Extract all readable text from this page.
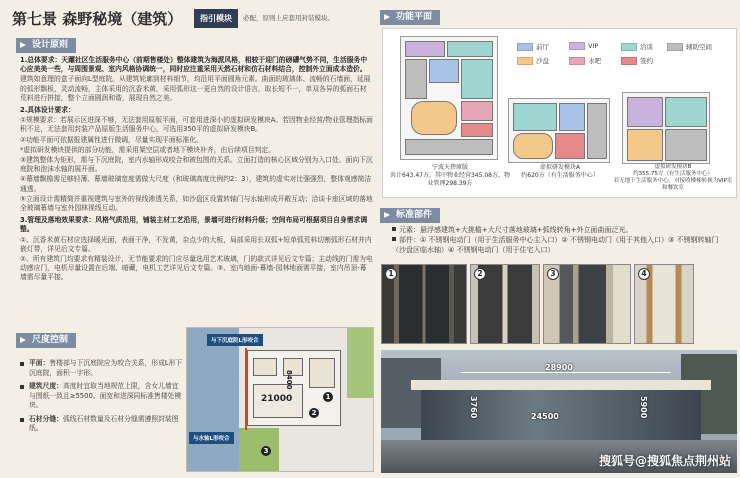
第七景 森野秘境（建筑）	指引模块	必配，原则上应套用封装模块。
设计原则
1.总体要求：天躍社区生活服务中心（前期售楼处）整体建筑为海派风格，相较于迎门的磅礴气势不同，生活服务中心应美美一些，与周围景观、室内风格协调统一，同时应注重采用天然石材和仿石材料结合，控制外立面成本造价。
建筑如意理的盒子面向L型庭院。从建筑轮廓到材料细节，均沿用平面圆角元素。曲面的玻璃体、流畅的石墙面，延展的弧形飘板，灵动流畅，主体采用的沉香米黄，采用弧形这一更自然的设计语言，取长短不一，单双各异的弧面石材荒料进行拼接，整个立面圆润和谐，展现自然之美。
2.具体设计要求：
①规模要求：若展示区进深不够，无法套用原版平面，可套用进深小的虚拟研发模块A。若因物业经营/物业管理指标面积不足，无法套用封装产品原版生活服务中心，可选用350平的虚拟研发模块B。
②功能平面可依据报建属性进行微调，尽量实现平面标准化。
*虚拟研发模块提供的部分功能，需采用架空层或者地下模块补齐，由后续项目判定。
③建筑整体为矩形，需与下沉庭院，室内水轴形成咬合和被包围的关系。立面打造的核心区域分别为入口处、面向下沉庭院和泡沫水轴的展开面。
④幕墙飘檐需足够轻薄、幕墙玻璃宽度需做大尺度（和玻璃高度比例约2：3），建筑的虚实对比强强烈，整体观感简洁通透。
⑤立面设计需精简并重视建筑与室外的视线渗透关系，如沙盘区设置转轴门与水轴形成开敞互动；洽谈卡座区域的落地全玻璃幕墙与室外园林视线互动。
3.管理及落地效果要求：风格气质沿用，铺装主材工艺沿用，景墙可进行材料升级；空间布局可根据项目自身需求调整。
①、沉香米黄石材应选择暖光面，表面干净，不发黄，杂点少的大板，局部采用长双弧+短单弧荒料切割弧形石材并内嵌灯带，详见后文专篇。
②、所有建筑门均要求有精装设计，无节能要求的门应尽量选用艺术玻璃，门的款式详见后文专篇；主动线的门需为电动感应门，电机尽量设置在后端、暗藏，电机工艺详见后文专篇。③、室内地面-幕墙-园林地面需平接，室内吊顶-幕墙需尽量平接。
尺度控制
平面：售楼部与下沉庭院应为咬合关系，形成L形下沉庭院，面积一字形。
建筑尺度：高度时宜取当地规范上限，含女儿墙宜与围纸一致且≥5500。面宽和进深同标准售楼处模块。
石材分缝：弧线石材数量及石材分缝需遵照封装图纸。
与下沉庭院L形咬合
与水轴L形咬合
21000
8400
1
2
3
功能平面
宁波天碧原版
共计643.47方，其中物业经营345.08方，物业管理298.39方
虚拟研发模块A
约620方（有生活服务中心）
虚拟研发模块B
约355.75方（有生活服务中心）
若无地下生活服务中心，对接收楼梯转换为VIP室和餐饮室
前厅	VIP	洽谈	辅助空间
沙盘	水吧	签约
标准部件
元素：悬浮感建筑+大挑檐+大尺寸落地玻璃+弧线转角+外立面曲面泛光。
部件：① 不锈钢电动门（用于生活服务中心主入口）② 不锈钢电动门（用于其他入口）③ 不锈钢转轴门（沙盘区临水轴）④ 不锈钢电动门（用于住宅入口）
1	2	3	4
28900
24500
3760	5900
搜狐号@搜狐焦点荆州站
